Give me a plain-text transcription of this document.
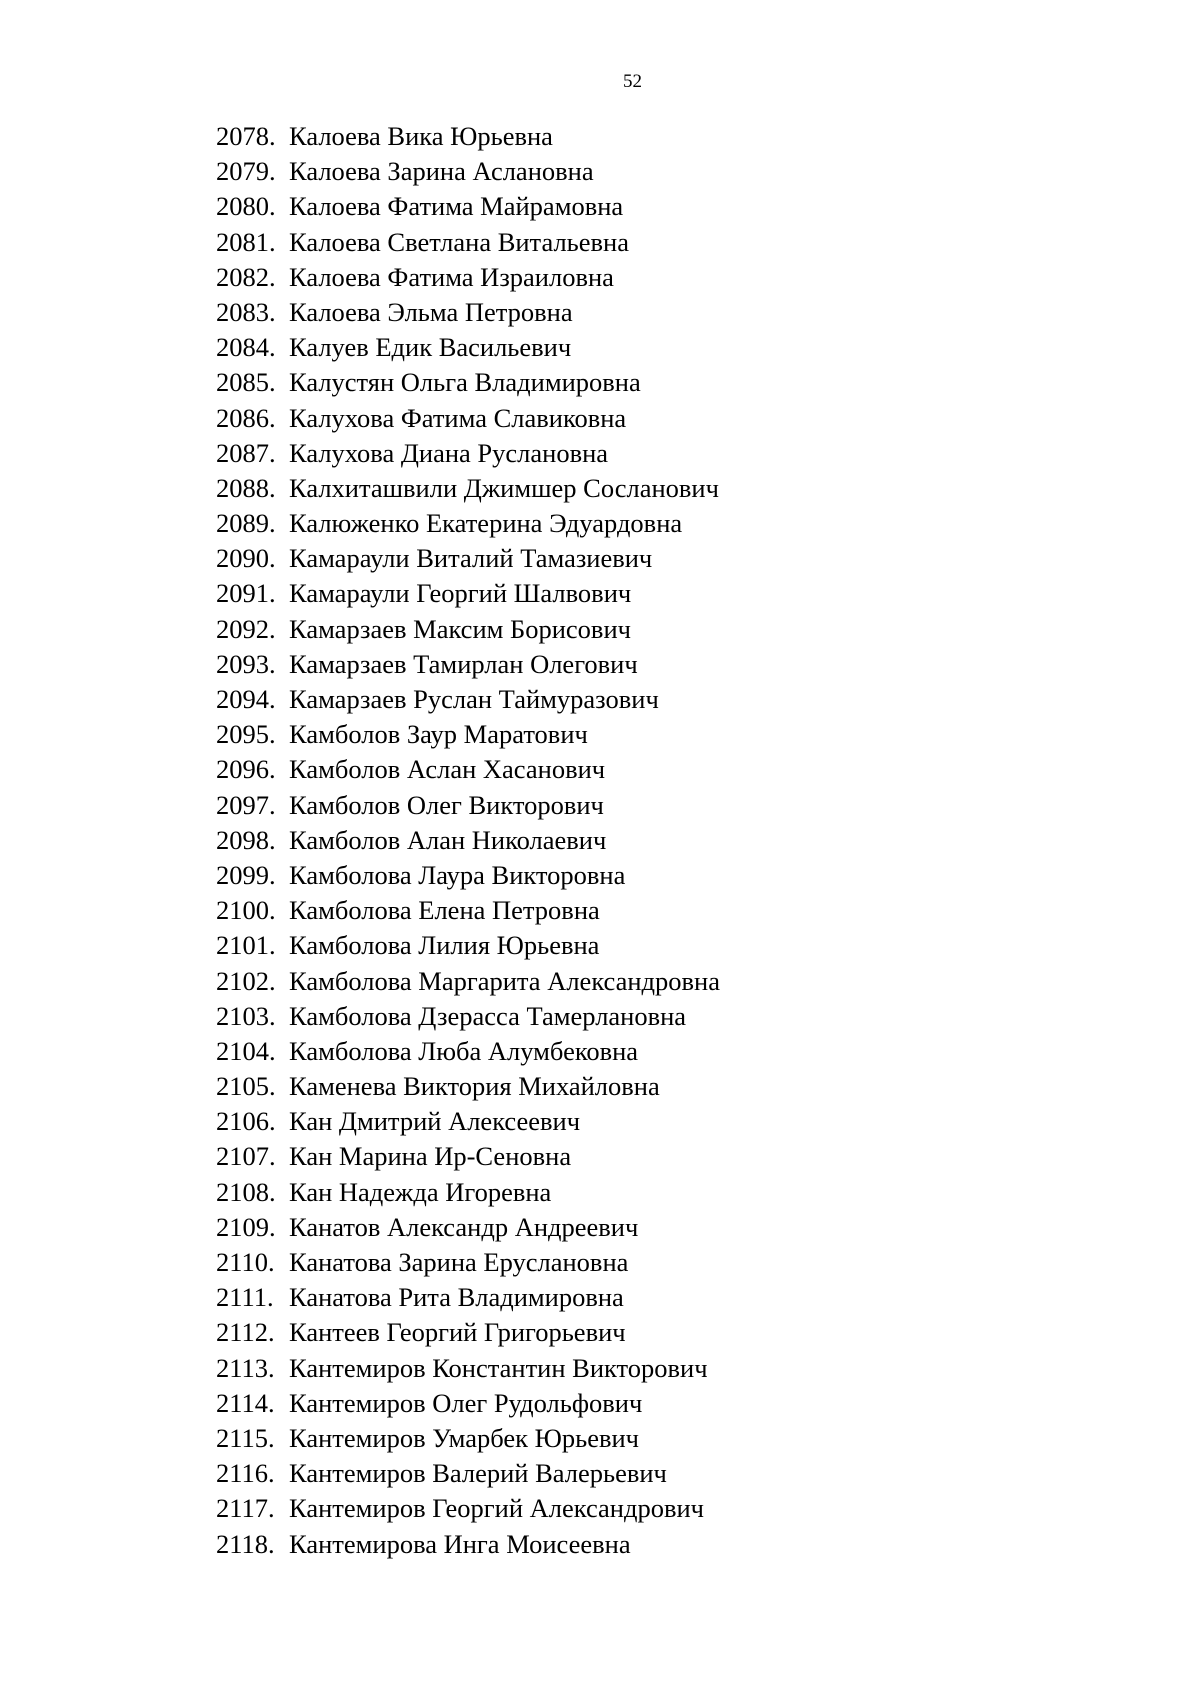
52
2078. Калоева Вика Юрьевна
2079. Калоева Зарина Аслановна
2080. Калоева Фатима Майрамовна
2081. Калоева Светлана Витальевна
2082. Калоева Фатима Израиловна
2083. Калоева Эльма Петровна
2084. Калуев Едик Васильевич
2085. Калустян Ольга Владимировна
2086. Калухова Фатима Славиковна
2087. Калухова Диана Руслановна
2088. Калхиташвили Джимшер Сосланович
2089. Калюженко Екатерина Эдуардовна
2090. Камараули Виталий Тамазиевич
2091. Камараули Георгий Шалвович
2092. Камарзаев Максим Борисович
2093. Камарзаев Тамирлан Олегович
2094. Камарзаев Руслан Таймуразович
2095. Камболов Заур Маратович
2096. Камболов Аслан Хасанович
2097. Камболов Олег Викторович
2098. Камболов Алан Николаевич
2099. Камболова Лаура Викторовна
2100. Камболова Елена Петровна
2101. Камболова Лилия Юрьевна
2102. Камболова Маргарита Александровна
2103. Камболова Дзерасса Тамерлановна
2104. Камболова Люба Алумбековна
2105. Каменева Виктория Михайловна
2106. Кан Дмитрий Алексеевич
2107. Кан Марина Ир-Сеновна
2108. Кан Надежда Игоревна
2109. Канатов Александр Андреевич
2110. Канатова Зарина Еруслановна
2111. Канатова Рита Владимировна
2112. Кантеев Георгий Григорьевич
2113. Кантемиров Константин Викторович
2114. Кантемиров Олег Рудольфович
2115. Кантемиров Умарбек Юрьевич
2116. Кантемиров Валерий Валерьевич
2117. Кантемиров Георгий Александрович
2118. Кантемирова Инга Моисеевна
